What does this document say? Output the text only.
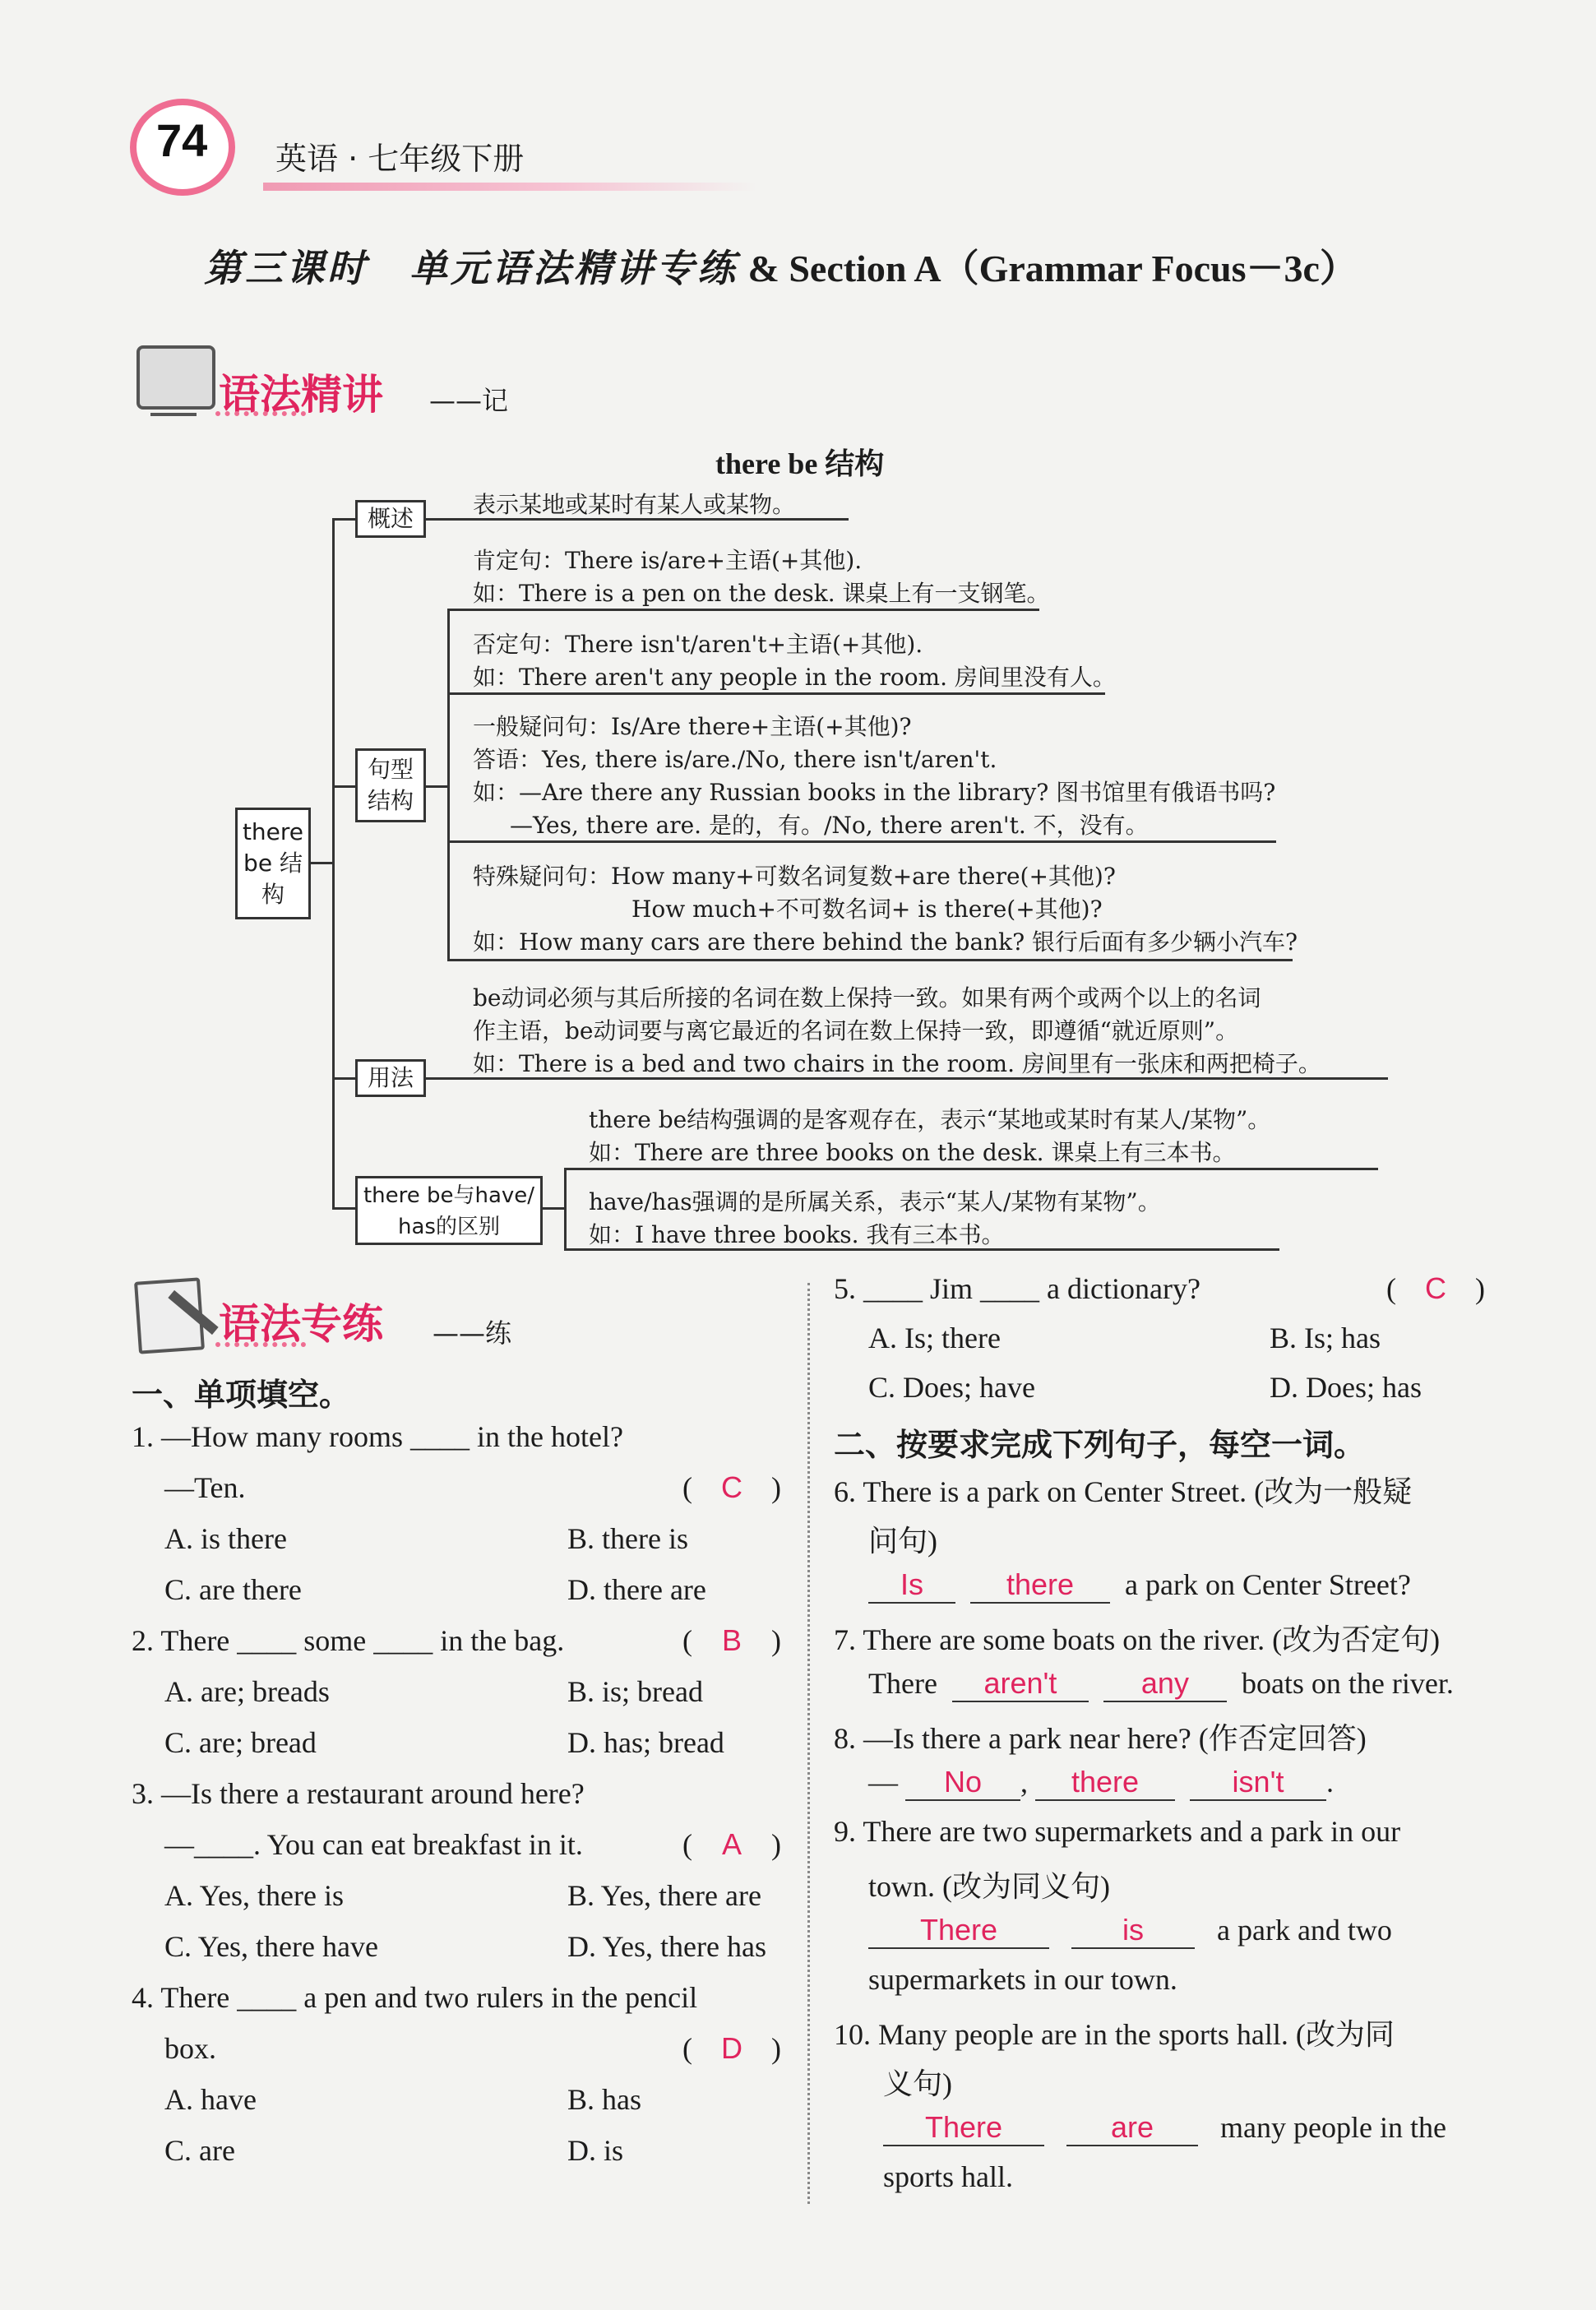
74 英语 · 七年级下册
第三课时　单元语法精讲专练 & Section A（Grammar Focus－3c）
语法精讲 ——记
there be 结构
there be 结构
概述
表示某地或某时有某人或某物。
句型结构
肯定句：There is/are+主语(+其他).
如：There is a pen on the desk. 课桌上有一支钢笔。
否定句：There isn't/aren't+主语(+其他).
如：There aren't any people in the room. 房间里没有人。
一般疑问句：Is/Are there+主语(+其他)?
答语：Yes, there is/are./No, there isn't/aren't.
如：—Are there any Russian books in the library? 图书馆里有俄语书吗?
—Yes, there are. 是的，有。/No, there aren't. 不，没有。
特殊疑问句：How many+可数名词复数+are there(+其他)?
How much+不可数名词+ is there(+其他)?
如：How many cars are there behind the bank? 银行后面有多少辆小汽车?
用法
be动词必须与其后所接的名词在数上保持一致。如果有两个或两个以上的名词
作主语，be动词要与离它最近的名词在数上保持一致，即遵循“就近原则”。
如：There is a bed and two chairs in the room. 房间里有一张床和两把椅子。
there be与have/
has的区别
there be结构强调的是客观存在，表示“某地或某时有某人/某物”。
如：There are three books on the desk. 课桌上有三本书。
have/has强调的是所属关系，表示“某人/某物有某物”。
如：I have three books. 我有三本书。
语法专练 ——练
一、单项填空。
1. —How many rooms ____ in the hotel?
—Ten.	( C )
A. is there	B. there is
C. are there	D. there are
2. There ____ some ____ in the bag.	( B )
A. are; breads	B. is; bread
C. are; bread	D. has; bread
3. —Is there a restaurant around here?
—____. You can eat breakfast in it.	( A )
A. Yes, there is	B. Yes, there are
C. Yes, there have	D. Yes, there has
4. There ____ a pen and two rulers in the pencil
box.	( D )
A. have	B. has
C. are	D. is
5. ____ Jim ____ a dictionary?	( C )
A. Is; there	B. Is; has
C. Does; have	D. Does; has
二、按要求完成下列句子，每空一词。
6. There is a park on Center Street. (改为一般疑
问句)
Is	there a park on Center Street?
7. There are some boats on the river. (改为否定句)
There aren't	any boats on the river.
8. —Is there a park near here? (作否定回答)
— No , there	isn't .
9. There are two supermarkets and a park in our
town. (改为同义句)
There	is a park and two
supermarkets in our town.
10. Many people are in the sports hall. (改为同
义句)
There	are many people in the
sports hall.
